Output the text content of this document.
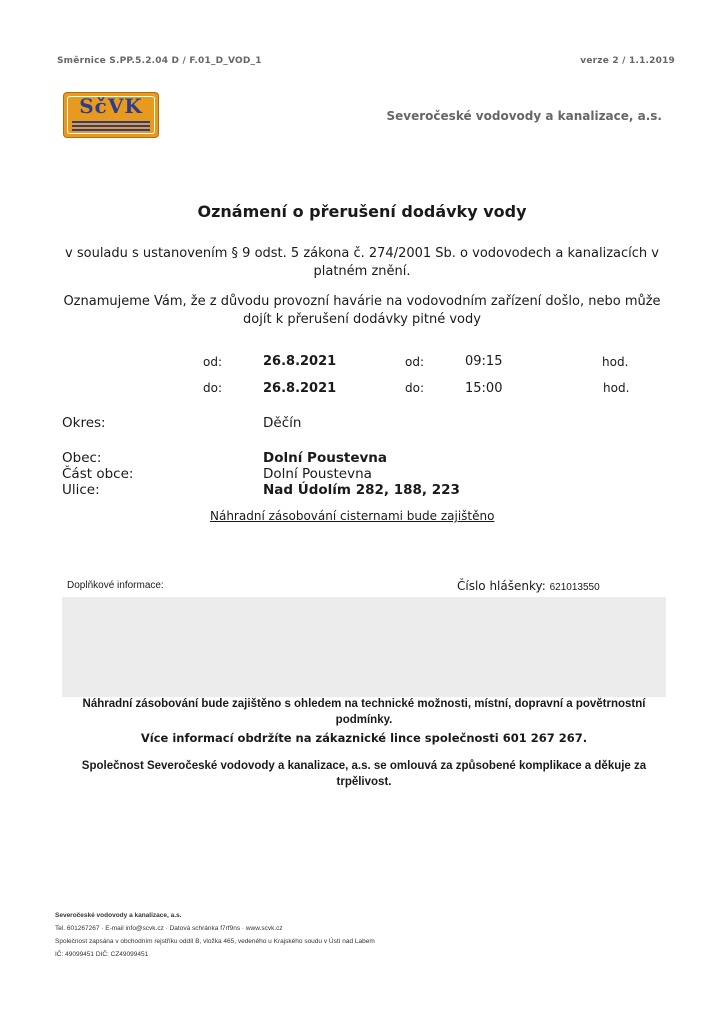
Směrnice S.PP.5.2.04 D / F.01_D_VOD_1	verze 2 / 1.1.2019
SčVK	Severočeské vodovody a kanalizace, a.s.
Oznámení o přerušení dodávky vody
v souladu s ustanovením § 9 odst. 5 zákona č. 274/2001 Sb. o vodovodech a kanalizacích v platném znění.
Oznamujeme Vám, že z důvodu provozní havárie na vodovodním zařízení došlo, nebo může dojít k přerušení dodávky pitné vody
od:	26.8.2021	od:	09:15	hod.
do:	26.8.2021	do:	15:00	hod.
Okres:	Děčín
Obec:	Dolní Poustevna
Část obce:	Dolní Poustevna
Ulice:	Nad Údolím 282, 188, 223
Náhradní zásobování cisternami bude zajištěno
Doplňkové informace:	Číslo hlášenky: 621013550
Náhradní zásobování bude zajištěno s ohledem na technické možnosti, místní, dopravní a povětrnostní podmínky.
Více informací obdržíte na zákaznické lince společnosti 601 267 267.
Společnost Severočeské vodovody a kanalizace, a.s. se omlouvá za způsobené komplikace a děkuje za trpělivost.
Severočeské vodovody a kanalizace, a.s.
Tel. 601267267 · E-mail info@scvk.cz · Datová schránka f7rf9ns · www.scvk.cz
Společnost zapsána v obchodním rejstříku oddíl B, vložka 465, vedeného u Krajského soudu v Ústí nad Labem
IČ: 49099451 DIČ: CZ49099451
